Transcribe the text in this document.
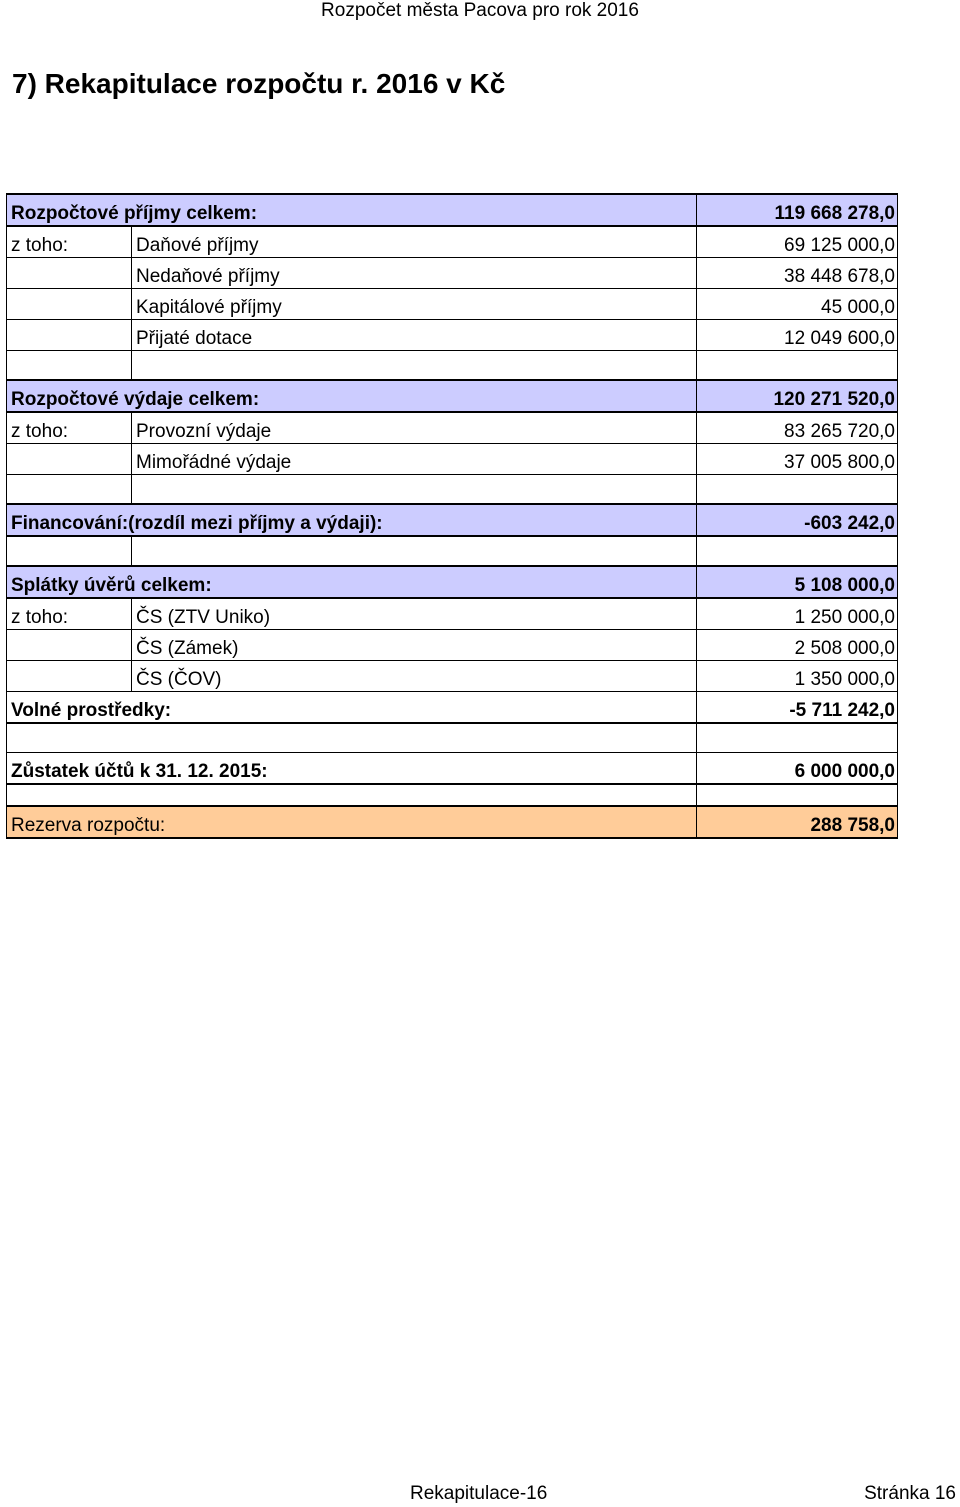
Rozpočet města Pacova pro rok 2016
7) Rekapitulace rozpočtu r. 2016 v Kč
Rozpočtové příjmy celkem:		119 668 278,0
z toho:	Daňové příjmy	69 125 000,0
	Nedaňové příjmy	38 448 678,0
	Kapitálové příjmy	45 000,0
	Přijaté dotace	12 049 600,0

Rozpočtové výdaje celkem:		120 271 520,0
z toho:	Provozní výdaje	83 265 720,0
	Mimořádné výdaje	37 005 800,0

Financování:(rozdíl mezi příjmy a výdaji):		-603 242,0

Splátky úvěrů celkem:		5 108 000,0
z toho:	ČS (ZTV Uniko)	1 250 000,0
	ČS (Zámek)	2 508 000,0
	ČS (ČOV)	1 350 000,0
Volné prostředky:		-5 711 242,0

Zůstatek účtů k 31. 12. 2015:		6 000 000,0

Rezerva rozpočtu:		288 758,0
Rekapitulace-16	Stránka 16
